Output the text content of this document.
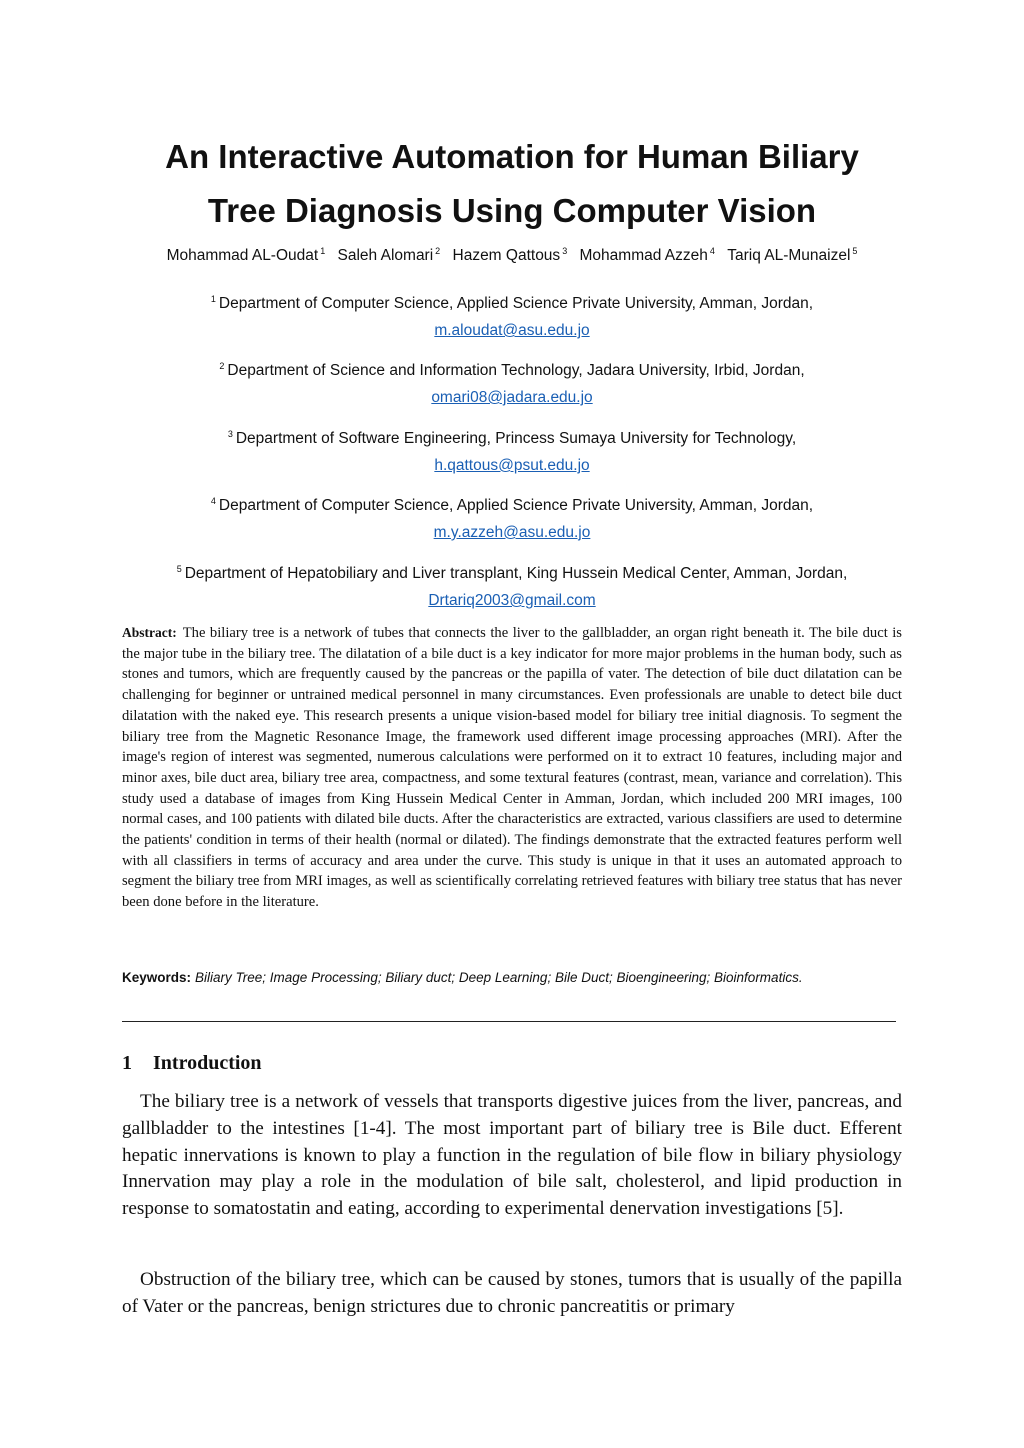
An Interactive Automation for Human Biliary
Tree Diagnosis Using Computer Vision
Mohammad AL-Oudat $^1$ Saleh Alomari $^2$ Hazem Qattous $^3$ Mohammad Azzeh $^4$ Tariq AL-Munaizel $^5$
$^1$ Department of Computer Science, Applied Science Private University, Amman, Jordan,
m.aloudat@asu.edu.jo
$^2$ Department of Science and Information Technology, Jadara University, Irbid, Jordan,
omari08@jadara.edu.jo
$^3$ Department of Software Engineering, Princess Sumaya University for Technology,
h.qattous@psut.edu.jo
$^4$ Department of Computer Science, Applied Science Private University, Amman, Jordan,
m.y.azzeh@asu.edu.jo
$^5$ Department of Hepatobiliary and Liver transplant, King Hussein Medical Center, Amman, Jordan,
Drtariq2003@gmail.com

Abstract: The biliary tree is a network of tubes that connects the liver to the gallbladder, an organ right beneath it. The bile duct is the major tube in the biliary tree. The dilatation of a bile duct is a key indicator for more major problems in the human body, such as stones and tumors, which are frequently caused by the pancreas or the papilla of vater. The detection of bile duct dilatation can be challenging for beginner or untrained medical personnel in many circumstances. Even professionals are unable to detect bile duct dilatation with the naked eye. This research presents a unique vision-based model for biliary tree initial diagnosis. To segment the biliary tree from the Magnetic Resonance Image, the framework used different image processing approaches (MRI). After the image's region of interest was segmented, numerous calculations were performed on it to extract 10 features, including major and minor axes, bile duct area, biliary tree area, compactness, and some textural features (contrast, mean, variance and correlation). This study used a database of images from King Hussein Medical Center in Amman, Jordan, which included 200 MRI images, 100 normal cases, and 100 patients with dilated bile ducts. After the characteristics are extracted, various classifiers are used to determine the patients' condition in terms of their health (normal or dilated). The findings demonstrate that the extracted features perform well with all classifiers in terms of accuracy and area under the curve. This study is unique in that it uses an automated approach to segment the biliary tree from MRI images, as well as scientifically correlating retrieved features with biliary tree status that has never been done before in the literature.

Keywords: Biliary Tree; Image Processing; Biliary duct; Deep Learning; Bile Duct; Bioengineering; Bioinformatics.
1 Introduction

The biliary tree is a network of vessels that transports digestive juices from the liver, pancreas, and gallbladder to the intestines [1-4]. The most important part of biliary tree is Bile duct. Efferent hepatic innervations is known to play a function in the regulation of bile flow in biliary physiology Innervation may play a role in the modulation of bile salt, cholesterol, and lipid production in response to somatostatin and eating, according to experimental denervation investigations [5].

Obstruction of the biliary tree, which can be caused by stones, tumors that is usually of the papilla of Vater or the pancreas, benign strictures due to chronic pancreatitis or primary
